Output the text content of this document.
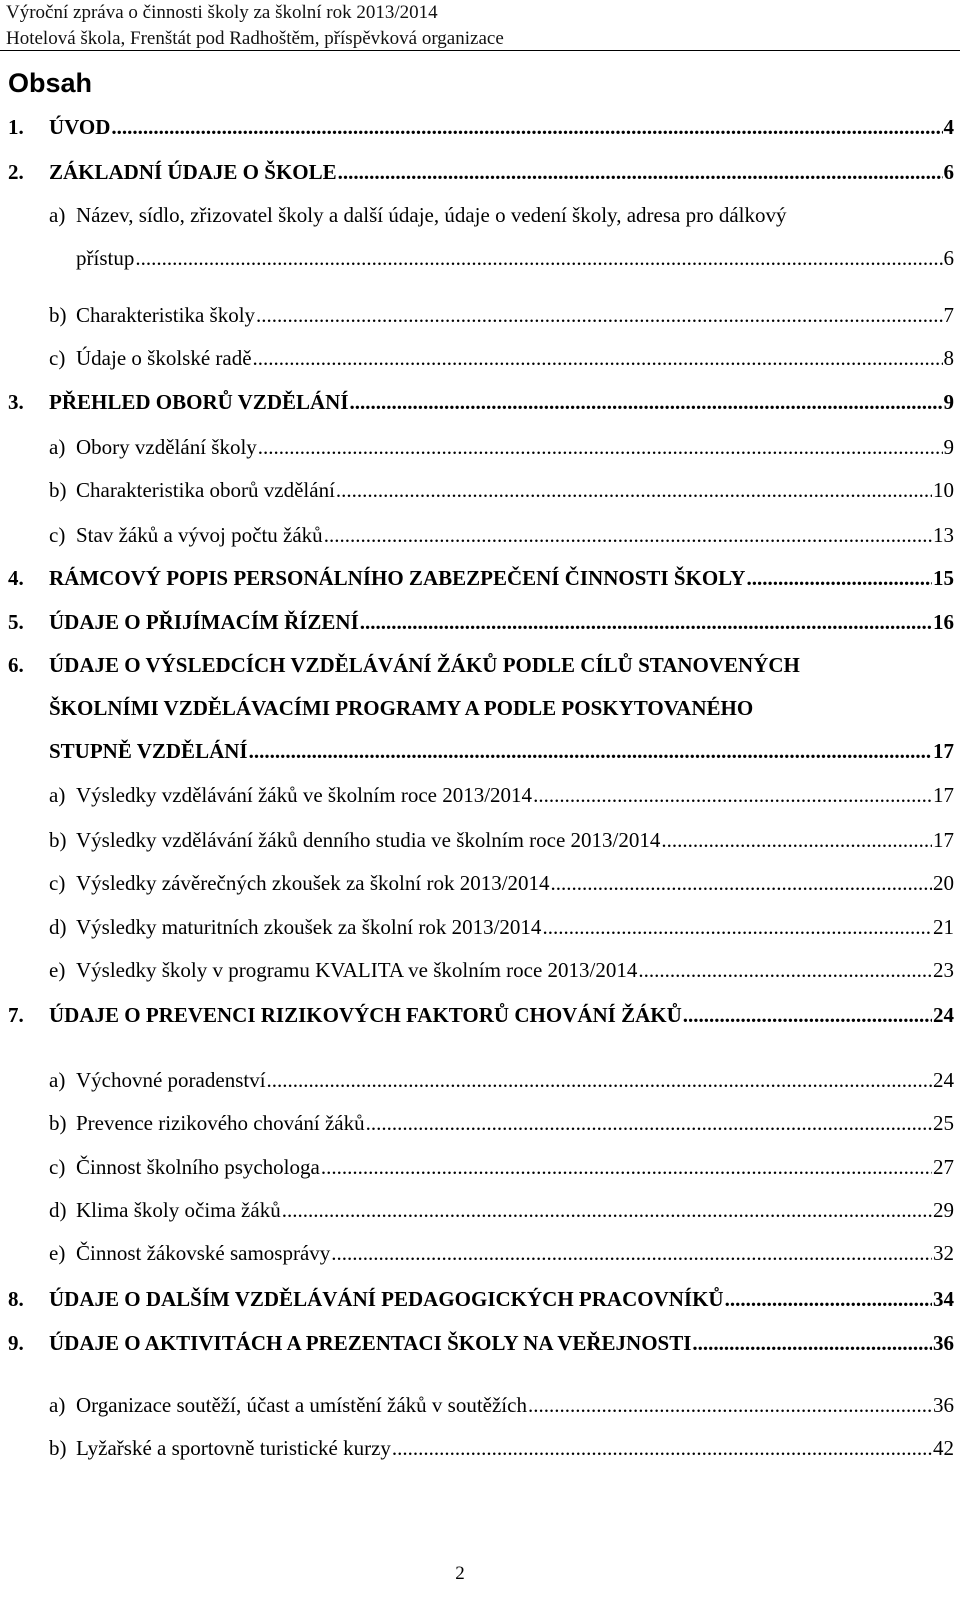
Výroční zpráva o činnosti školy za školní rok 2013/2014
Hotelová škola, Frenštát pod Radhoštěm, příspěvková organizace
Obsah
1. ÚVOD .....	4
2. ZÁKLADNÍ ÚDAJE O ŠKOLE .....	6
a) Název, sídlo, zřizovatel školy a další údaje, údaje o vedení školy, adresa pro dálkový
přístup .....	6
b) Charakteristika školy .....	7
c) Údaje o školské radě .....	8
3. PŘEHLED OBORŮ VZDĚLÁNÍ .....	9
a) Obory vzdělání školy .....	9
b) Charakteristika oborů vzdělání .....	10
c) Stav žáků a vývoj počtu žáků .....	13
4. RÁMCOVÝ POPIS PERSONÁLNÍHO ZABEZPEČENÍ ČINNOSTI ŠKOLY .....	15
5. ÚDAJE O PŘIJÍMACÍM ŘÍZENÍ .....	16
6. ÚDAJE O VÝSLEDCÍCH VZDĚLÁVÁNÍ ŽÁKŮ PODLE CÍLŮ STANOVENÝCH
ŠKOLNÍMI VZDĚLÁVACÍMI PROGRAMY A PODLE POSKYTOVANÉHO
STUPNĚ VZDĚLÁNÍ .....	17
a) Výsledky vzdělávání žáků ve školním roce 2013/2014 .....	17
b) Výsledky vzdělávání žáků denního studia ve školním roce 2013/2014 .....	17
c) Výsledky závěrečných zkoušek za školní rok 2013/2014 .....	20
d) Výsledky maturitních zkoušek za školní rok 2013/2014 .....	21
e) Výsledky školy v programu KVALITA ve školním roce 2013/2014 .....	23
7. ÚDAJE O PREVENCI RIZIKOVÝCH FAKTORŮ CHOVÁNÍ ŽÁKŮ .....	24
a) Výchovné poradenství .....	24
b) Prevence rizikového chování žáků .....	25
c) Činnost školního psychologa .....	27
d) Klima školy očima žáků .....	29
e) Činnost žákovské samosprávy .....	32
8. ÚDAJE O DALŠÍM VZDĚLÁVÁNÍ PEDAGOGICKÝCH PRACOVNÍKŮ .....	34
9. ÚDAJE O AKTIVITÁCH A PREZENTACI ŠKOLY NA VEŘEJNOSTI .....	36
a) Organizace soutěží, účast a umístění žáků v soutěžích .....	36
b) Lyžařské a sportovně turistické kurzy .....	42
2
